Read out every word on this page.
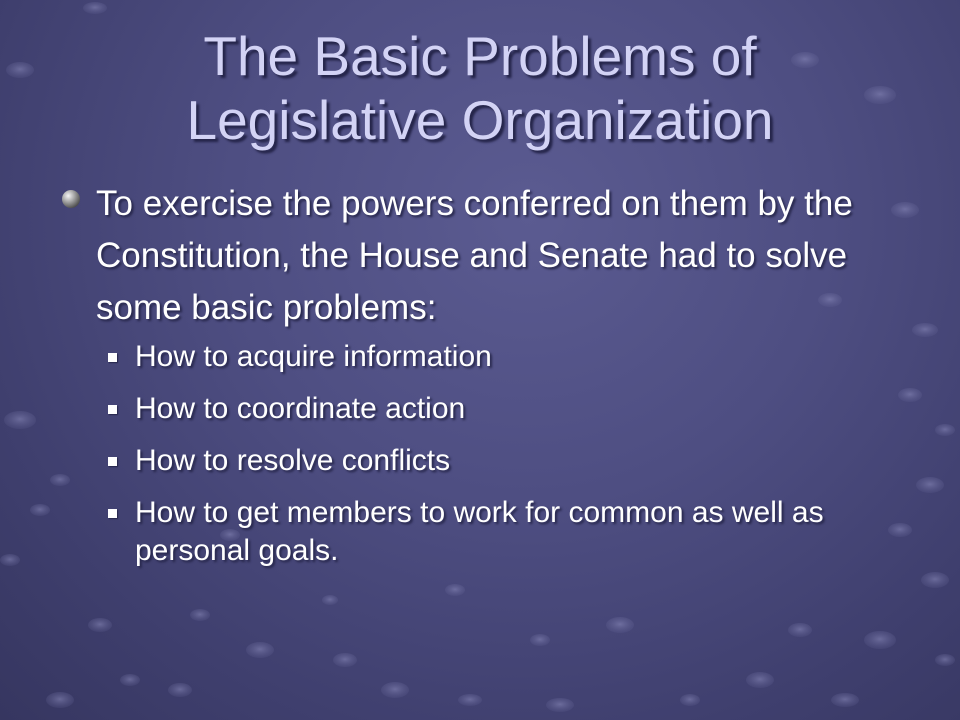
The Basic Problems of
Legislative Organization
To exercise the powers conferred on them by the Constitution, the House and Senate had to solve some basic problems:
How to acquire information
How to coordinate action
How to resolve conflicts
How to get members to work for common as well as personal goals.
